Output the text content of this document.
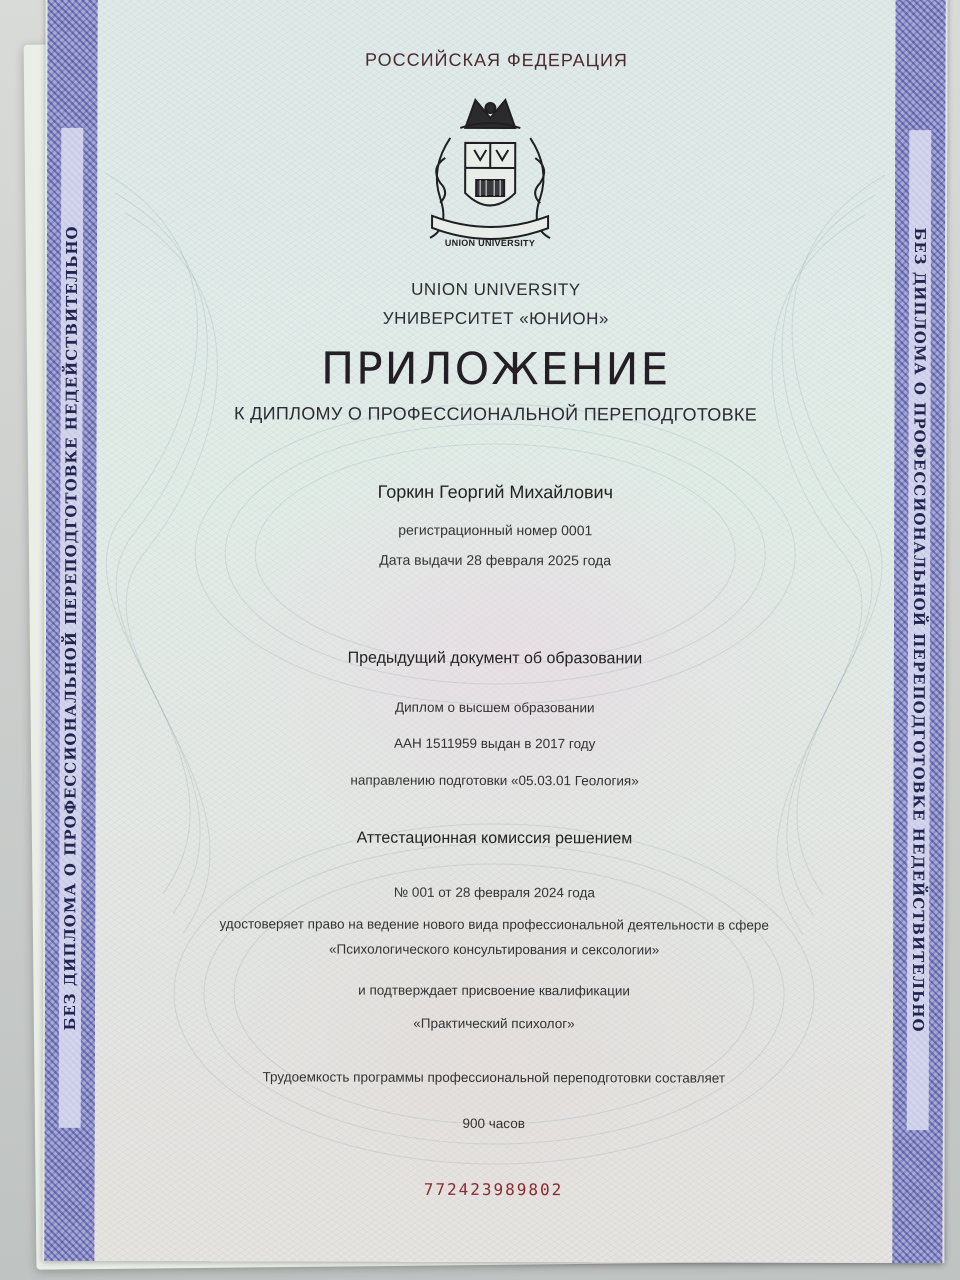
БЕЗ ДИПЛОМА О ПРОФЕССИОНАЛЬНОЙ ПЕРЕПОДГОТОВКЕ НЕДЕЙСТВИТЕЛЬНО	БЕЗ ДИПЛОМА О ПРОФЕССИОНАЛЬНОЙ ПЕРЕПОДГОТОВКЕ НЕДЕЙСТВИТЕЛЬНО
РОССИЙСКАЯ ФЕДЕРАЦИЯ
UNION UNIVERSITY
UNION UNIVERSITY
УНИВЕРСИТЕТ «ЮНИОН»
ПРИЛОЖЕНИЕ
К ДИПЛОМУ О ПРОФЕССИОНАЛЬНОЙ ПЕРЕПОДГОТОВКЕ
Горкин Георгий Михайлович
регистрационный номер 0001
Дата выдачи 28 февраля 2025 года
Предыдущий документ об образовании
Диплом о высшем образовании
ААН 1511959 выдан в 2017 году
направлению подготовки «05.03.01 Геология»
Аттестационная комиссия решением
№ 001 от 28 февраля 2024 года
удостоверяет право на ведение нового вида профессиональной деятельности в сфере
«Психологического консультирования и сексологии»
и подтверждает присвоение квалификации
«Практический психолог»
Трудоемкость программы профессиональной переподготовки составляет
900 часов
772423989802
